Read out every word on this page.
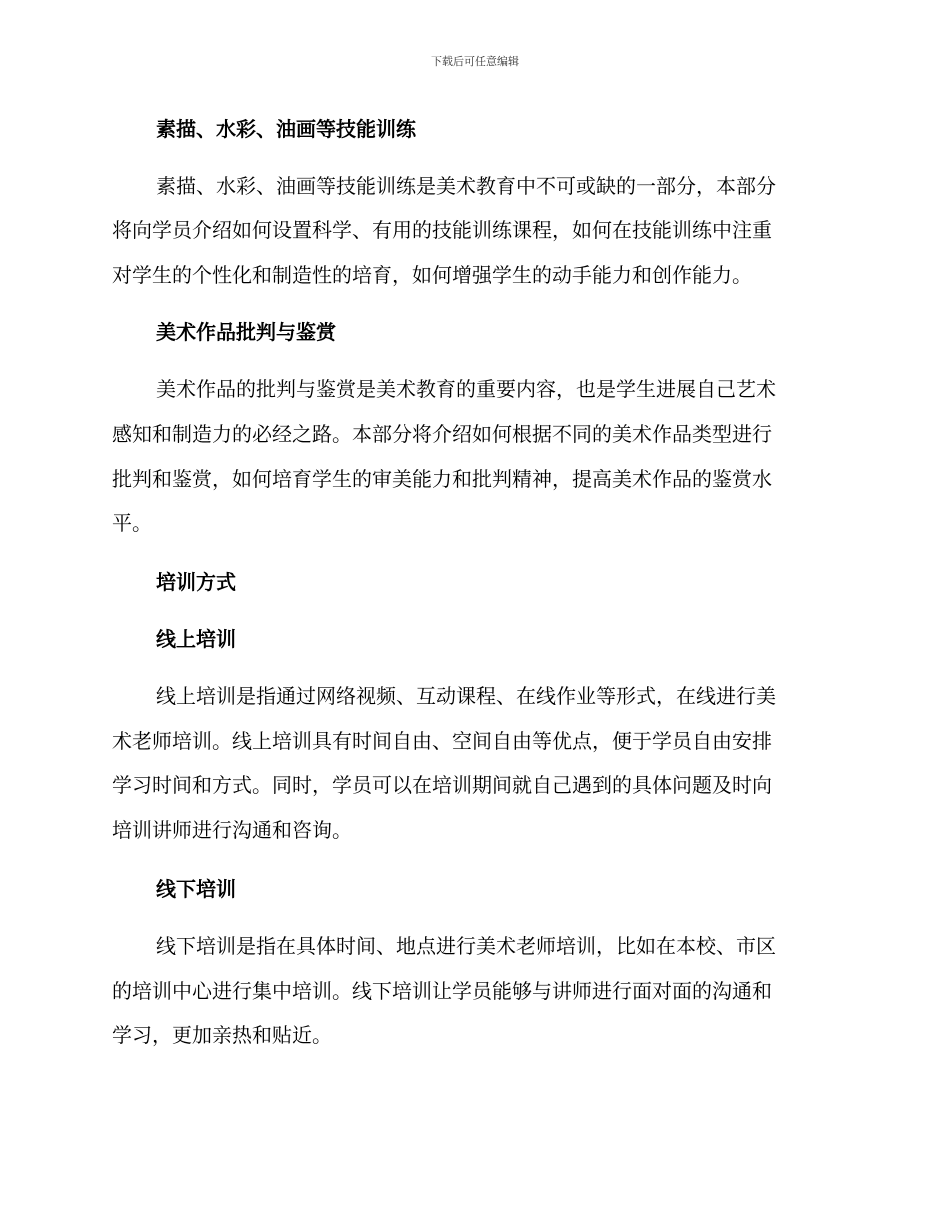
下载后可任意编辑

素描、水彩、油画等技能训练

素描、水彩、油画等技能训练是美术教育中不可或缺的一部分，本部分
将向学员介绍如何设置科学、有用的技能训练课程，如何在技能训练中注重
对学生的个性化和制造性的培育，如何增强学生的动手能力和创作能力。

美术作品批判与鉴赏

美术作品的批判与鉴赏是美术教育的重要内容，也是学生进展自己艺术
感知和制造力的必经之路。本部分将介绍如何根据不同的美术作品类型进行
批判和鉴赏，如何培育学生的审美能力和批判精神，提高美术作品的鉴赏水
平。

培训方式

线上培训

线上培训是指通过网络视频、互动课程、在线作业等形式，在线进行美
术老师培训。线上培训具有时间自由、空间自由等优点，便于学员自由安排
学习时间和方式。同时，学员可以在培训期间就自己遇到的具体问题及时向
培训讲师进行沟通和咨询。

线下培训

线下培训是指在具体时间、地点进行美术老师培训，比如在本校、市区
的培训中心进行集中培训。线下培训让学员能够与讲师进行面对面的沟通和
学习，更加亲热和贴近。
